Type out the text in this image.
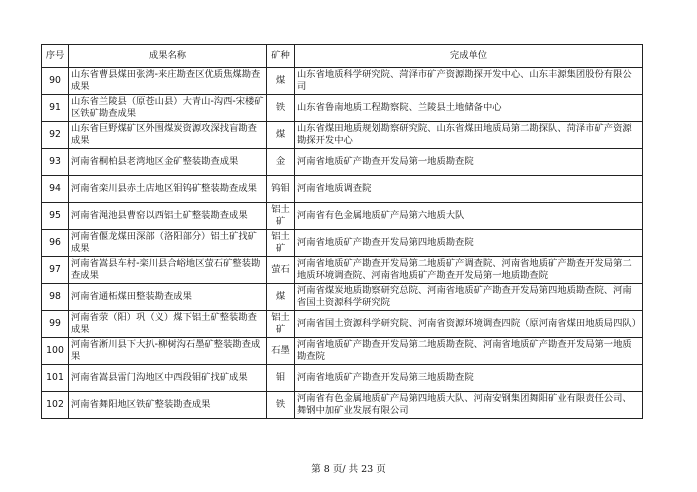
序号	成果名称	矿种	完成单位
90	山东省曹县煤田张湾-来庄勘查区优质焦煤勘查成果	煤	山东省地质科学研究院、菏泽市矿产资源勘探开发中心、山东丰源集团股份有限公司
91	山东省兰陵县（原苍山县）大青山-沟西-宋楼矿区铁矿勘查成果	铁	山东省鲁南地质工程勘察院、兰陵县土地储备中心
92	山东省巨野煤矿区外围煤炭资源攻深找盲勘查成果	煤	山东省煤田地质规划勘察研究院、山东省煤田地质局第二勘探队、菏泽市矿产资源勘探开发中心
93	河南省桐柏县老湾地区金矿整装勘查成果	金	河南省地质矿产勘查开发局第一地质勘查院
94	河南省栾川县赤土店地区钼钨矿整装勘查成果	钨钼	河南省地质调查院
95	河南省渑池县曹窑以西铝土矿整装勘查成果	铝土矿	河南省有色金属地质矿产局第六地质大队
96	河南省偃龙煤田深部（洛阳部分）铝土矿找矿成果	铝土矿	河南省地质矿产勘查开发局第四地质勘查院
97	河南省嵩县车村-栾川县合峪地区萤石矿整装勘查成果	萤石	河南省地质矿产勘查开发局第二地质矿产调查院、河南省地质矿产勘查开发局第二地质环境调查院、河南省地质矿产勘查开发局第一地质勘查院
98	河南省通柘煤田整装勘查成果	煤	河南省煤炭地质勘察研究总院、河南省地质矿产勘查开发局第四地质勘查院、河南省国土资源科学研究院
99	河南省荥（阳）巩（义）煤下铝土矿整装勘查成果	铝土矿	河南省国土资源科学研究院、河南省资源环境调查四院（原河南省煤田地质局四队）
100	河南省淅川县下大扒-柳树沟石墨矿整装勘查成果	石墨	河南省地质矿产勘查开发局第二地质勘查院、河南省地质矿产勘查开发局第一地质勘查院
101	河南省嵩县雷门沟地区中西段钼矿找矿成果	钼	河南省地质矿产勘查开发局第三地质勘查院
102	河南省舞阳地区铁矿整装勘查成果	铁	河南省有色金属地质矿产局第四地质大队、河南安钢集团舞阳矿业有限责任公司、舞钢中加矿业发展有限公司
第 8 页/ 共 23 页
